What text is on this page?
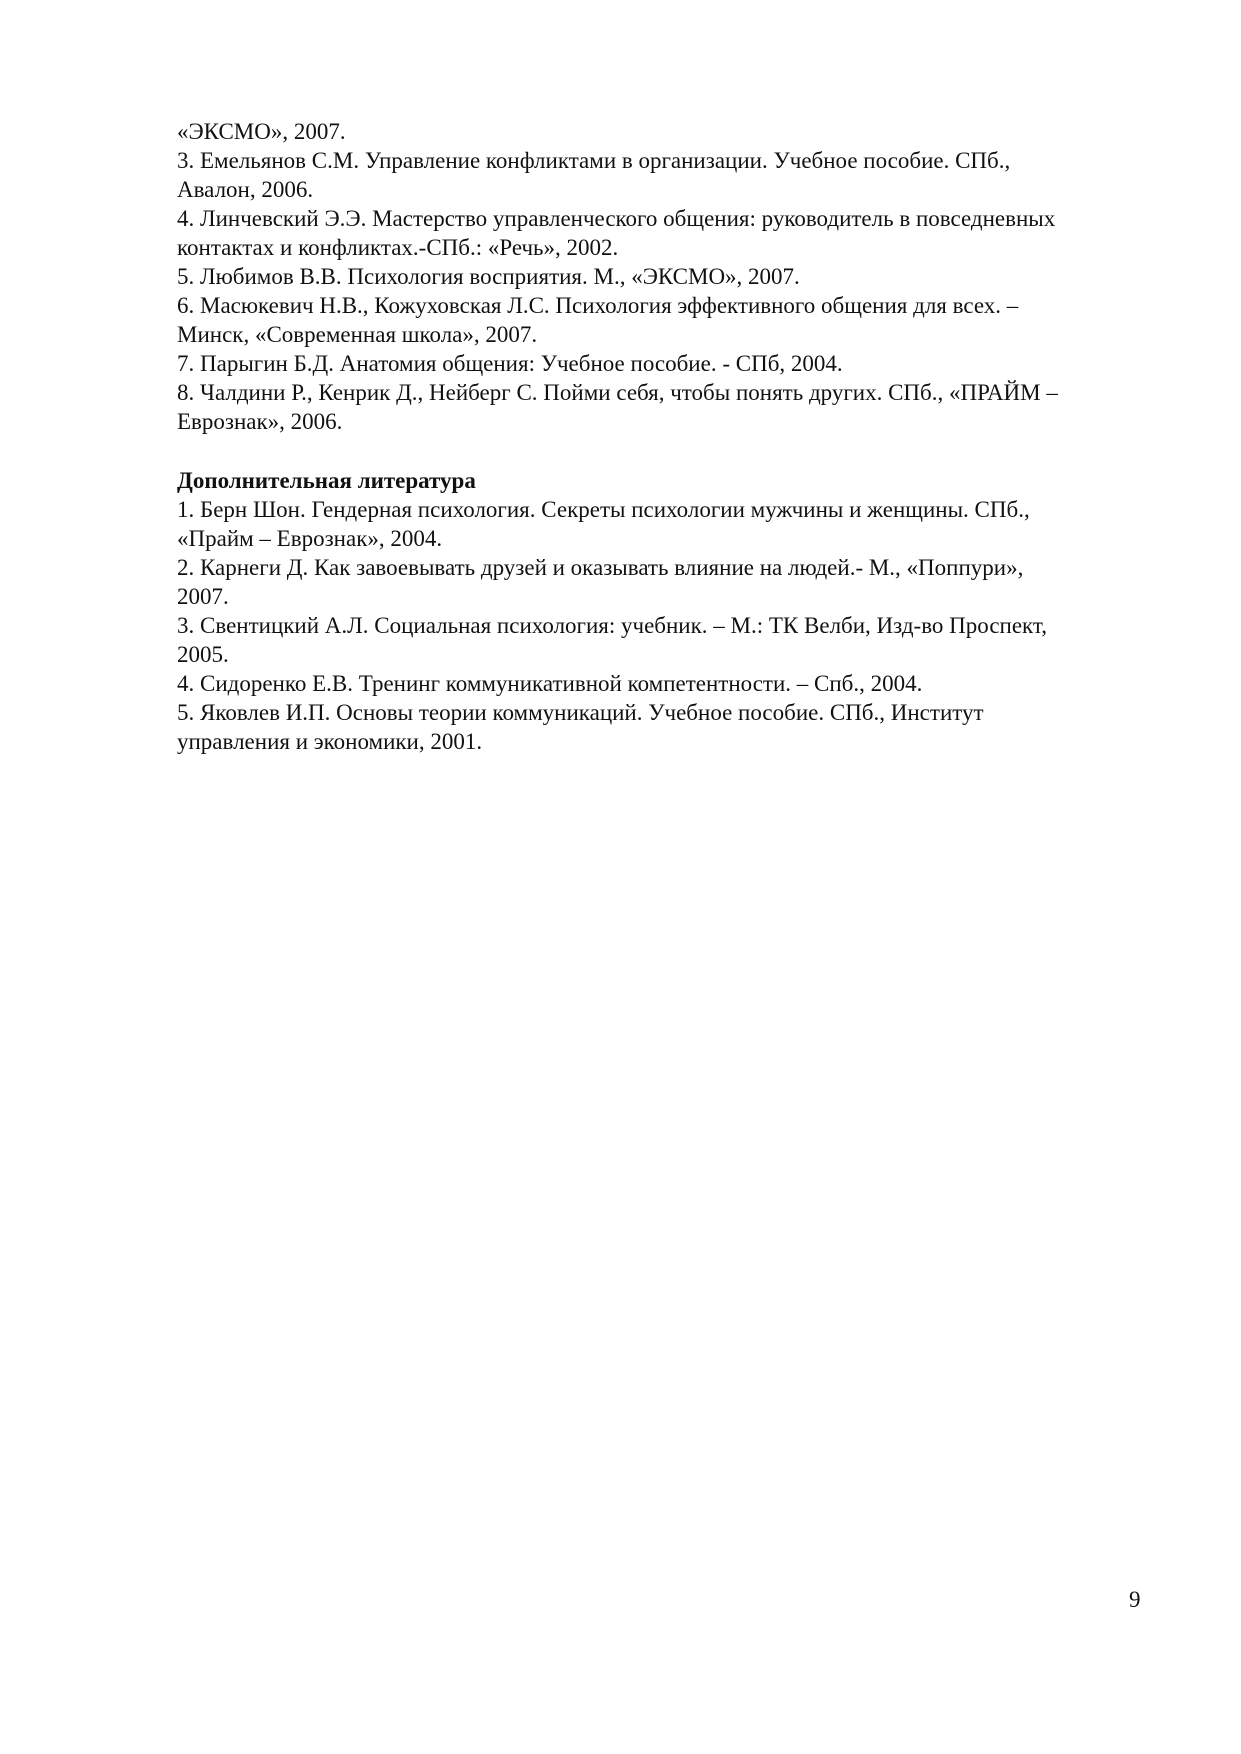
«ЭКСМО», 2007.
3. Емельянов С.М. Управление конфликтами в организации. Учебное пособие. СПб.,
Авалон, 2006.
4. Линчевский Э.Э. Мастерство управленческого общения: руководитель в повседневных
контактах и конфликтах.-СПб.: «Речь», 2002.
5. Любимов В.В. Психология восприятия. М., «ЭКСМО», 2007.
6. Масюкевич Н.В., Кожуховская Л.С. Психология эффективного общения для всех. –
Минск, «Современная школа», 2007.
7. Парыгин Б.Д. Анатомия общения: Учебное пособие. - СПб, 2004.
8. Чалдини Р., Кенрик Д., Нейберг С. Пойми себя, чтобы понять других. СПб., «ПРАЙМ –
Еврознак», 2006.
Дополнительная литература
1. Берн Шон. Гендерная психология. Секреты психологии мужчины и женщины. СПб.,
«Прайм – Еврознак», 2004.
2. Карнеги Д. Как завоевывать друзей и оказывать влияние на людей.- М., «Поппури»,
2007.
3. Свентицкий А.Л. Социальная психология: учебник. – М.: ТК Велби, Изд-во Проспект,
2005.
4. Сидоренко Е.В. Тренинг коммуникативной компетентности. – Спб., 2004.
5. Яковлев И.П. Основы теории коммуникаций. Учебное пособие. СПб., Институт
управления и экономики, 2001.
9
